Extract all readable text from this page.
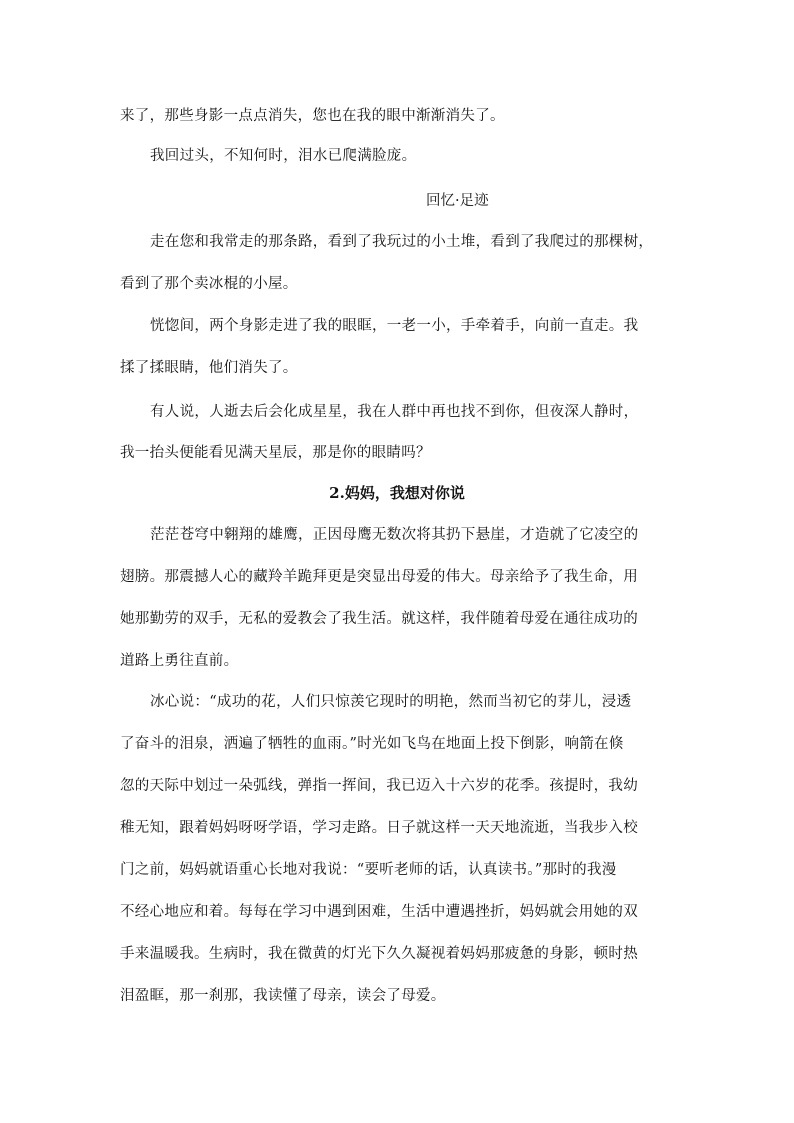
来了，那些身影一点点消失，您也在我的眼中渐渐消失了。
我回过头，不知何时，泪水已爬满脸庞。
回忆·足迹
走在您和我常走的那条路，看到了我玩过的小土堆，看到了我爬过的那棵树，
看到了那个卖冰棍的小屋。
恍惚间，两个身影走进了我的眼眶，一老一小，手牵着手，向前一直走。我
揉了揉眼睛，他们消失了。
有人说，人逝去后会化成星星，我在人群中再也找不到你，但夜深人静时，
我一抬头便能看见满天星辰，那是你的眼睛吗？
2.妈妈，我想对你说
茫茫苍穹中翱翔的雄鹰，正因母鹰无数次将其扔下悬崖，才造就了它凌空的
翅膀。那震撼人心的藏羚羊跪拜更是突显出母爱的伟大。母亲给予了我生命，用
她那勤劳的双手，无私的爱教会了我生活。就这样，我伴随着母爱在通往成功的
道路上勇往直前。
冰心说：“成功的花，人们只惊羡它现时的明艳，然而当初它的芽儿，浸透
了奋斗的泪泉，洒遍了牺牲的血雨。”时光如飞鸟在地面上投下倒影，响箭在倏
忽的天际中划过一朵弧线，弹指一挥间，我已迈入十六岁的花季。孩提时，我幼
稚无知，跟着妈妈呀呀学语，学习走路。日子就这样一天天地流逝，当我步入校
门之前，妈妈就语重心长地对我说：“要听老师的话，认真读书。”那时的我漫
不经心地应和着。每每在学习中遇到困难，生活中遭遇挫折，妈妈就会用她的双
手来温暖我。生病时，我在微黄的灯光下久久凝视着妈妈那疲惫的身影，顿时热
泪盈眶，那一刹那，我读懂了母亲，读会了母爱。
